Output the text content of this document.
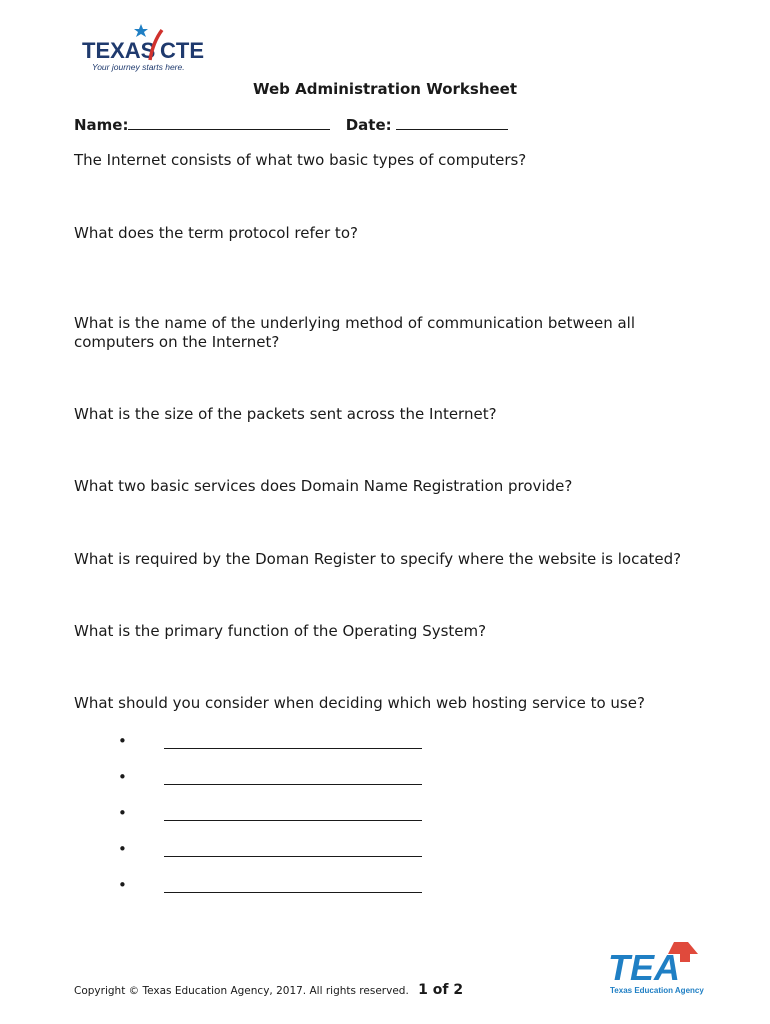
TEXAS CTE
Your journey starts here.
Web Administration Worksheet
Name:	Date:
The Internet consists of what two basic types of computers?
What does the term protocol refer to?
What is the name of the underlying method of communication between all computers on the Internet?
What is the size of the packets sent across the Internet?
What two basic services does Domain Name Registration provide?
What is required by the Doman Register to specify where the website is located?
What is the primary function of the Operating System?
What should you consider when deciding which web hosting service to use?
•
•
•
•
•
TEA
Texas Education Agency
Copyright © Texas Education Agency, 2017. All rights reserved. 1 of 2
